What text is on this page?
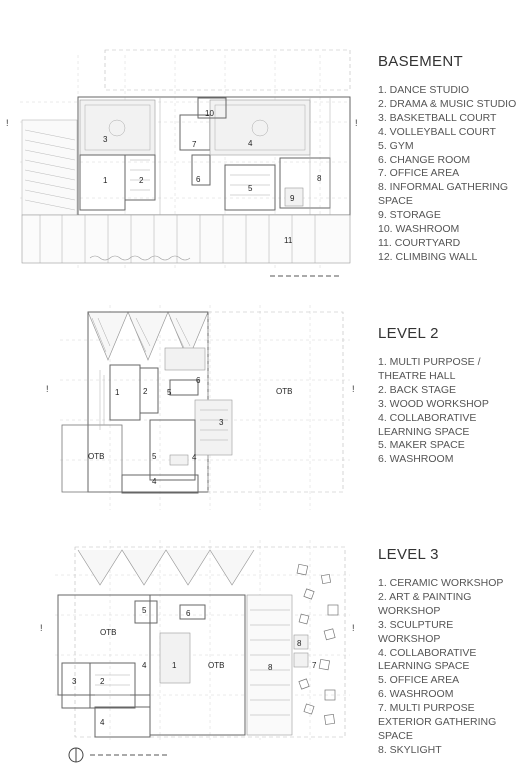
!	!
3
1	2
7
6
10
4
5
8
9
11
BASEMENT
1. DANCE STUDIO
2. DRAMA & MUSIC STUDIO
3. BASKETBALL COURT
4. VOLLEYBALL COURT
5. GYM
6. CHANGE ROOM
7. OFFICE AREA
8. INFORMAL GATHERING SPACE
9. STORAGE
10. WASHROOM
11. COURTYARD
12. CLIMBING WALL
!	!
1	2 5
6
3
5	4
4
OTB
OTB
LEVEL 2
1. MULTI PURPOSE / THEATRE HALL
2. BACK STAGE
3. WOOD WORKSHOP
4. COLLABORATIVE LEARNING SPACE
5. MAKER SPACE
6. WASHROOM
!	!
5	6
4	1
3	2
4
8
8
7
OTB
OTB
LEVEL 3
1. CERAMIC WORKSHOP
2. ART & PAINTING WORKSHOP
3. SCULPTURE WORKSHOP
4. COLLABORATIVE LEARNING SPACE
5. OFFICE AREA
6. WASHROOM
7. MULTI PURPOSE EXTERIOR GATHERING SPACE
8. SKYLIGHT
